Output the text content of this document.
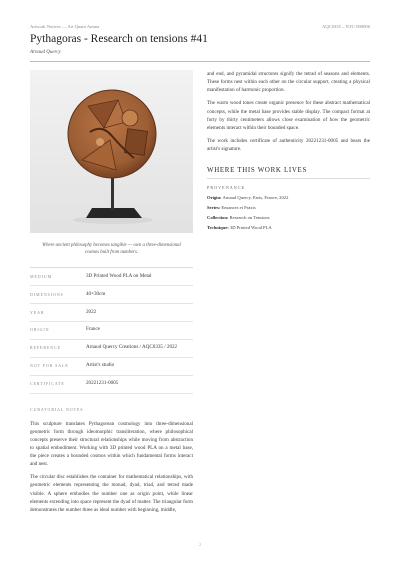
Artwork Notices — Art Quant Anima	AQC0335 – NTC-000006
Pythagoras - Research on tensions #41
Arnaud Quercy
Where ancient philosophy becomes tangible — own a three-dimensional cosmos built from numbers.
MEDIUM	3D Printed Wood PLA on Metal
DIMENSIONS	40×30cm
YEAR	2022
ORIGIN	France
REFERENCE	Arnaud Quercy Creations / AQC0335 / 2022
NOT FOR SALE	Artist's studio
CERTIFICATE	20221231-0005
CURATORIAL NOTES

This sculpture translates Pythagorean cosmology into three-dimensional geometric form through ideomorphic transliteration, where philosophical concepts preserve their structural relationships while moving from abstraction to spatial embodiment. Working with 3D printed wood PLA on a metal base, the piece creates a bounded cosmos within which fundamental forms interact and nest.

The circular disc establishes the container for mathematical relationships, with geometric elements representing the monad, dyad, triad, and tetrad made visible. A sphere embodies the number one as origin point, while linear elements extending into space represent the dyad of matter. The triangular form demonstrates the number three as ideal number with beginning, middle,

and end, and pyramidal structures signify the tetrad of seasons and elements. These forms nest within each other on the circular support, creating a physical manifestation of harmonic proportion.

The warm wood tones create organic presence for these abstract mathematical concepts, while the metal base provides stable display. The compact format at forty by thirty centimeters allows close examination of how the geometric elements interact within their bounded space.

The work includes certificate of authenticity 20221231-0005 and bears the artist's signature.

WHERE THIS WORK LIVES
PROVENANCE
Origin: Arnaud Quercy, Paris, France, 2022
Series: Ensances et Praxis
Collection: Research on Tensions
Technique: 3D Printed Wood PLA
2
